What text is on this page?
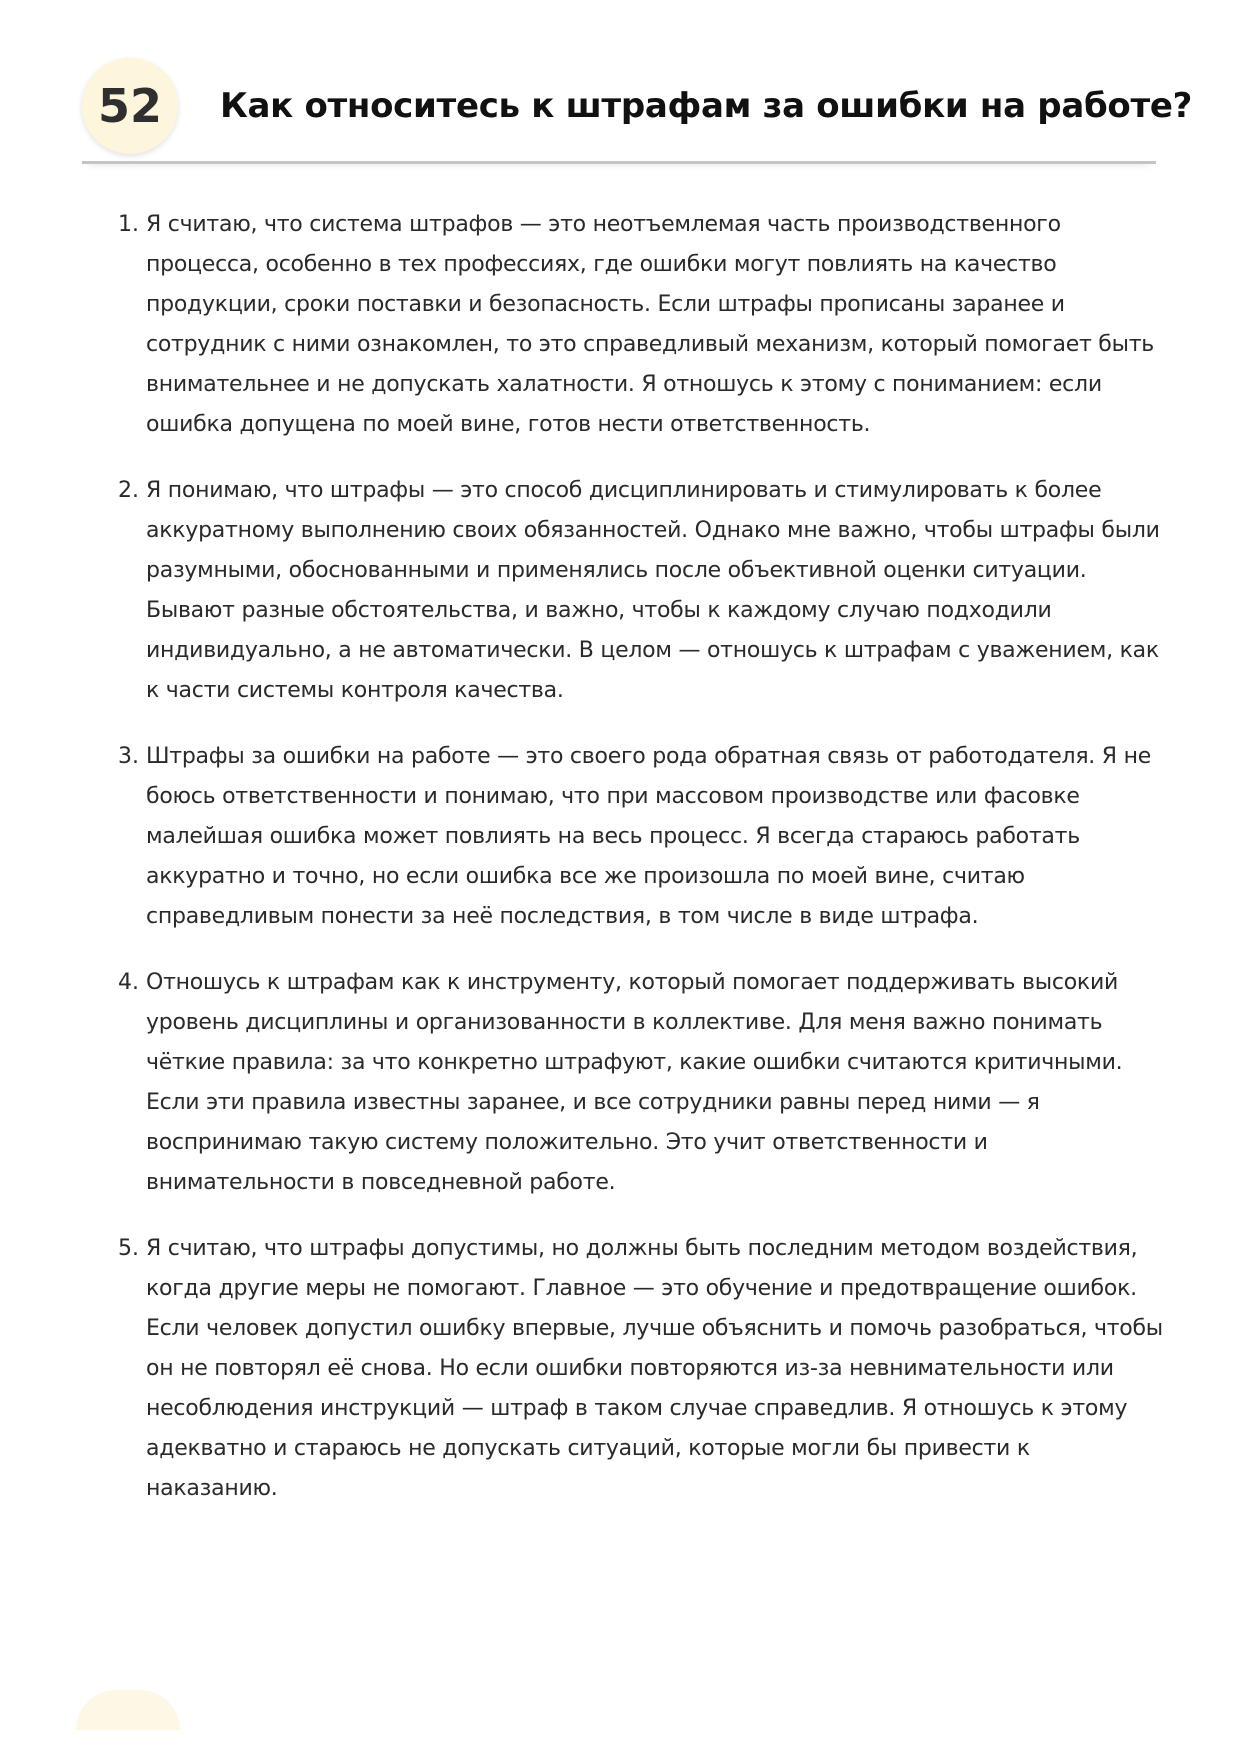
52	Как относитесь к штрафам за ошибки на работе?
1. Я считаю, что система штрафов — это неотъемлемая часть производственного процесса, особенно в тех профессиях, где ошибки могут повлиять на качество продукции, сроки поставки и безопасность. Если штрафы прописаны заранее и сотрудник с ними ознакомлен, то это справедливый механизм, который помогает быть внимательнее и не допускать халатности. Я отношусь к этому с пониманием: если ошибка допущена по моей вине, готов нести ответственность.
2. Я понимаю, что штрафы — это способ дисциплинировать и стимулировать к более аккуратному выполнению своих обязанностей. Однако мне важно, чтобы штрафы были разумными, обоснованными и применялись после объективной оценки ситуации. Бывают разные обстоятельства, и важно, чтобы к каждому случаю подходили индивидуально, а не автоматически. В целом — отношусь к штрафам с уважением, как к части системы контроля качества.
3. Штрафы за ошибки на работе — это своего рода обратная связь от работодателя. Я не боюсь ответственности и понимаю, что при массовом производстве или фасовке малейшая ошибка может повлиять на весь процесс. Я всегда стараюсь работать аккуратно и точно, но если ошибка все же произошла по моей вине, считаю справедливым понести за неё последствия, в том числе в виде штрафа.
4. Отношусь к штрафам как к инструменту, который помогает поддерживать высокий уровень дисциплины и организованности в коллективе. Для меня важно понимать чёткие правила: за что конкретно штрафуют, какие ошибки считаются критичными. Если эти правила известны заранее, и все сотрудники равны перед ними — я воспринимаю такую систему положительно. Это учит ответственности и внимательности в повседневной работе.
5. Я считаю, что штрафы допустимы, но должны быть последним методом воздействия, когда другие меры не помогают. Главное — это обучение и предотвращение ошибок. Если человек допустил ошибку впервые, лучше объяснить и помочь разобраться, чтобы он не повторял её снова. Но если ошибки повторяются из-за невнимательности или несоблюдения инструкций — штраф в таком случае справедлив. Я отношусь к этому адекватно и стараюсь не допускать ситуаций, которые могли бы привести к наказанию.
